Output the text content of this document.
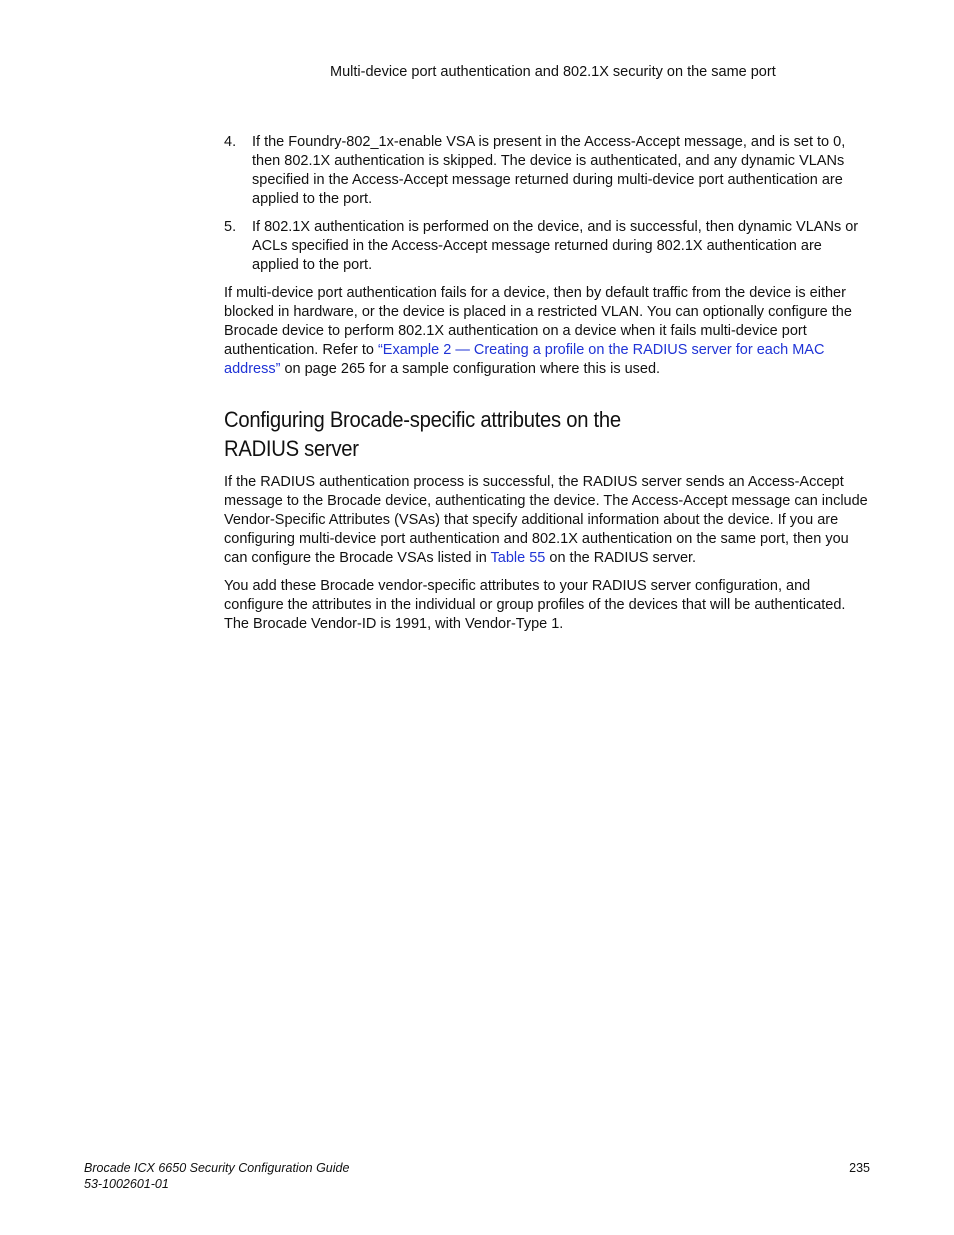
Multi-device port authentication and 802.1X security on the same port
4. If the Foundry-802_1x-enable VSA is present in the Access-Accept message, and is set to 0, then 802.1X authentication is skipped. The device is authenticated, and any dynamic VLANs specified in the Access-Accept message returned during multi-device port authentication are applied to the port.
5. If 802.1X authentication is performed on the device, and is successful, then dynamic VLANs or ACLs specified in the Access-Accept message returned during 802.1X authentication are applied to the port.

If multi-device port authentication fails for a device, then by default traffic from the device is either blocked in hardware, or the device is placed in a restricted VLAN. You can optionally configure the Brocade device to perform 802.1X authentication on a device when it fails multi-device port authentication. Refer to “Example 2 — Creating a profile on the RADIUS server for each MAC address” on page 265 for a sample configuration where this is used.

Configuring Brocade-specific attributes on the RADIUS server

If the RADIUS authentication process is successful, the RADIUS server sends an Access-Accept message to the Brocade device, authenticating the device. The Access-Accept message can include Vendor-Specific Attributes (VSAs) that specify additional information about the device. If you are configuring multi-device port authentication and 802.1X authentication on the same port, then you can configure the Brocade VSAs listed in Table 55 on the RADIUS server.

You add these Brocade vendor-specific attributes to your RADIUS server configuration, and configure the attributes in the individual or group profiles of the devices that will be authenticated. The Brocade Vendor-ID is 1991, with Vendor-Type 1.

Brocade ICX 6650 Security Configuration Guide
53-1002601-01
235
